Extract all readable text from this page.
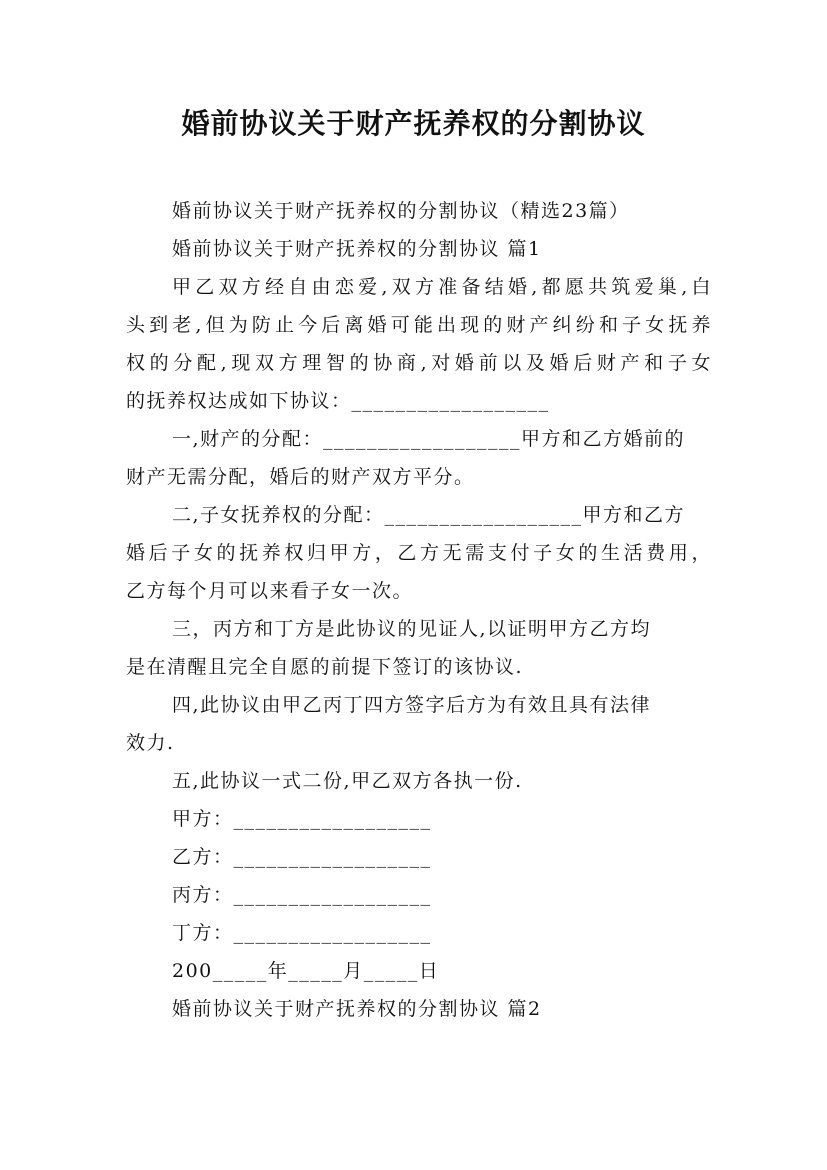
婚前协议关于财产抚养权的分割协议
婚前协议关于财产抚养权的分割协议（精选23篇）
婚前协议关于财产抚养权的分割协议 篇1
甲乙双方经自由恋爱,双方准备结婚,都愿共筑爱巢,白
头到老,但为防止今后离婚可能出现的财产纠纷和子女抚养
权的分配,现双方理智的协商,对婚前以及婚后财产和子女
的抚养权达成如下协议：__________________
一,财产的分配：__________________甲方和乙方婚前的
财产无需分配，婚后的财产双方平分。
二,子女抚养权的分配：__________________甲方和乙方
婚后子女的抚养权归甲方，乙方无需支付子女的生活费用，
乙方每个月可以来看子女一次。
三，丙方和丁方是此协议的见证人,以证明甲方乙方均
是在清醒且完全自愿的前提下签订的该协议.
四,此协议由甲乙丙丁四方签字后方为有效且具有法律
效力.
五,此协议一式二份,甲乙双方各执一份.
甲方：__________________
乙方：__________________
丙方：__________________
丁方：__________________
200_____年_____月_____日
婚前协议关于财产抚养权的分割协议 篇2
